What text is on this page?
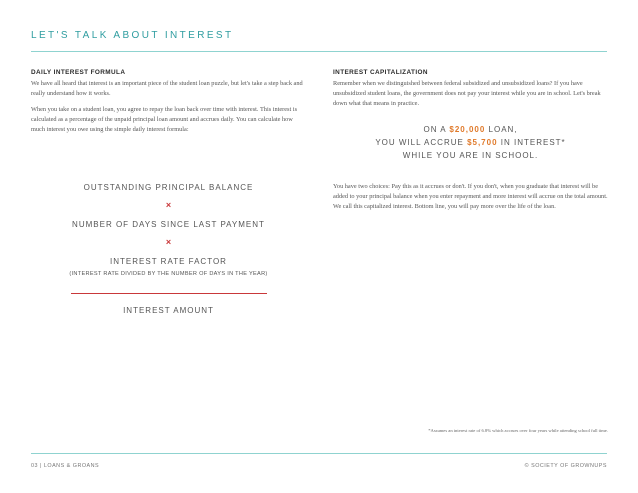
LET'S TALK ABOUT INTEREST
DAILY INTEREST FORMULA

We have all heard that interest is an important piece of the student loan puzzle, but let's take a step back and really understand how it works.

When you take on a student loan, you agree to repay the loan back over time with interest. This interest is calculated as a percentage of the unpaid principal loan amount and accrues daily. You can calculate how much interest you owe using the simple daily interest formula:

OUTSTANDING PRINCIPAL BALANCE
×
NUMBER OF DAYS SINCE LAST PAYMENT
×
INTEREST RATE FACTOR
(INTEREST RATE DIVIDED BY THE NUMBER OF DAYS IN THE YEAR)
INTEREST AMOUNT
INTEREST CAPITALIZATION

Remember when we distinguished between federal subsidized and unsubsidized loans? If you have unsubsidized student loans, the government does not pay your interest while you are in school. Let's break down what that means in practice.

ON A $20,000 LOAN,
YOU WILL ACCRUE $5,700 IN INTEREST*
WHILE YOU ARE IN SCHOOL.

You have two choices: Pay this as it accrues or don't. If you don't, when you graduate that interest will be added to your principal balance when you enter repayment and more interest will accrue on the total amount. We call this capitalized interest. Bottom line, you will pay more over the life of the loan.

*Assumes an interest rate of 6.8% which accrues over four years while attending school full time.
03 | LOANS & GROANS	© SOCIETY OF GROWNUPS
